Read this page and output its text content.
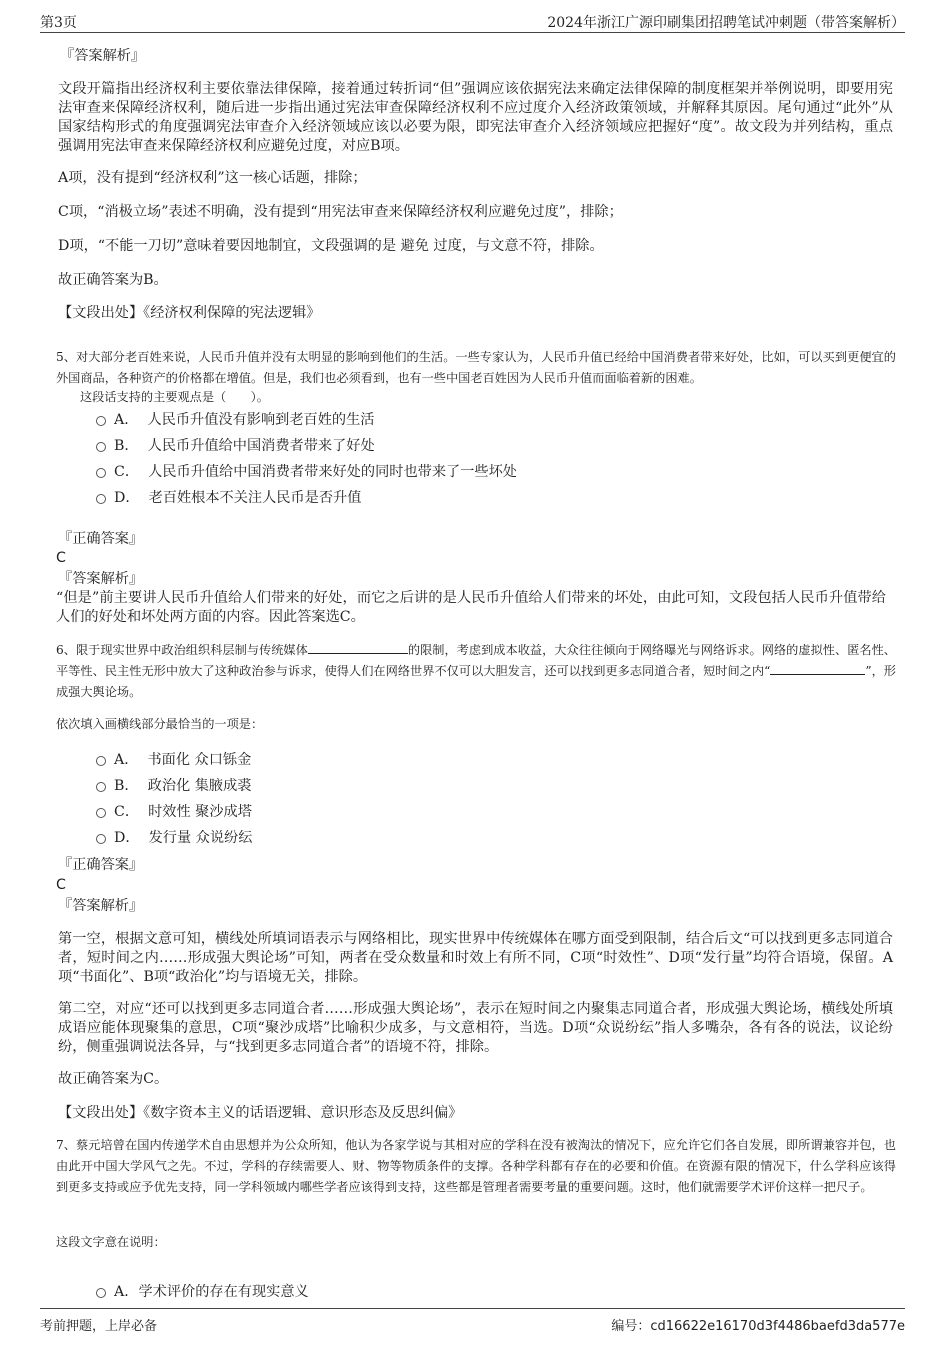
第3页	2024年浙江广源印刷集团招聘笔试冲刺题（带答案解析）
『答案解析』

文段开篇指出经济权利主要依靠法律保障，接着通过转折词“但”强调应该依据宪法来确定法律保障的制度框架并举例说明，即要用宪法审查来保障经济权利，随后进一步指出通过宪法审查保障经济权利不应过度介入经济政策领域，并解释其原因。尾句通过“此外”从国家结构形式的角度强调宪法审查介入经济领域应该以必要为限，即宪法审查介入经济领域应把握好“度”。故文段为并列结构，重点强调用宪法审查来保障经济权利应避免过度，对应B项。

A项，没有提到“经济权利”这一核心话题，排除；
C项，“消极立场”表述不明确，没有提到“用宪法审查来保障经济权利应避免过度”，排除；
D项，“不能一刀切”意味着要因地制宜，文段强调的是 避免 过度，与文意不符，排除。
故正确答案为B。
【文段出处】《经济权利保障的宪法逻辑》

5、对大部分老百姓来说，人民币升值并没有太明显的影响到他们的生活。一些专家认为，人民币升值已经给中国消费者带来好处，比如，可以买到更便宜的外国商品，各种资产的价格都在增值。但是，我们也必须看到，也有一些中国老百姓因为人民币升值而面临着新的困难。

这段话支持的主要观点是（　　）。
A． 人民币升值没有影响到老百姓的生活
B． 人民币升值给中国消费者带来了好处
C． 人民币升值给中国消费者带来好处的同时也带来了一些坏处
D． 老百姓根本不关注人民币是否升值
『正确答案』
C
『答案解析』

“但是”前主要讲人民币升值给人们带来的好处，而它之后讲的是人民币升值给人们带来的坏处，由此可知，文段包括人民币升值带给人们的好处和坏处两方面的内容。因此答案选C。

6、限于现实世界中政治组织科层制与传统媒体	的限制，考虑到成本收益，大众往往倾向于网络曝光与网络诉求。网络的虚拟性、匿名性、平等性、民主性无形中放大了这种政治参与诉求，使得人们在网络世界不仅可以大胆发言，还可以找到更多志同道合者，短时间之内“	”，形成强大舆论场。

依次填入画横线部分最恰当的一项是：
A． 书面化 众口铄金
B． 政治化 集腋成裘
C． 时效性 聚沙成塔
D． 发行量 众说纷纭
『正确答案』
C
『答案解析』

第一空，根据文意可知，横线处所填词语表示与网络相比，现实世界中传统媒体在哪方面受到限制，结合后文“可以找到更多志同道合者，短时间之内……形成强大舆论场”可知，两者在受众数量和时效上有所不同，C项“时效性”、D项“发行量”均符合语境，保留。A项“书面化”、B项“政治化”均与语境无关，排除。

第二空，对应“还可以找到更多志同道合者……形成强大舆论场”，表示在短时间之内聚集志同道合者，形成强大舆论场，横线处所填成语应能体现聚集的意思，C项“聚沙成塔”比喻积少成多，与文意相符，当选。D项“众说纷纭”指人多嘴杂，各有各的说法，议论纷纷，侧重强调说法各异，与“找到更多志同道合者”的语境不符，排除。

故正确答案为C。
【文段出处】《数字资本主义的话语逻辑、意识形态及反思纠偏》

7、蔡元培曾在国内传递学术自由思想并为公众所知，他认为各家学说与其相对应的学科在没有被淘汰的情况下，应允许它们各自发展，即所谓兼容并包，也由此开中国大学风气之先。不过，学科的存续需要人、财、物等物质条件的支撑。各种学科都有存在的必要和价值。在资源有限的情况下，什么学科应该得到更多支持或应予优先支持，同一学科领域内哪些学者应该得到支持，这些都是管理者需要考量的重要问题。这时，他们就需要学术评价这样一把尺子。

这段文字意在说明：
A．学术评价的存在有现实意义
考前押题，上岸必备	编号：cd16622e16170d3f4486baefd3da577e
